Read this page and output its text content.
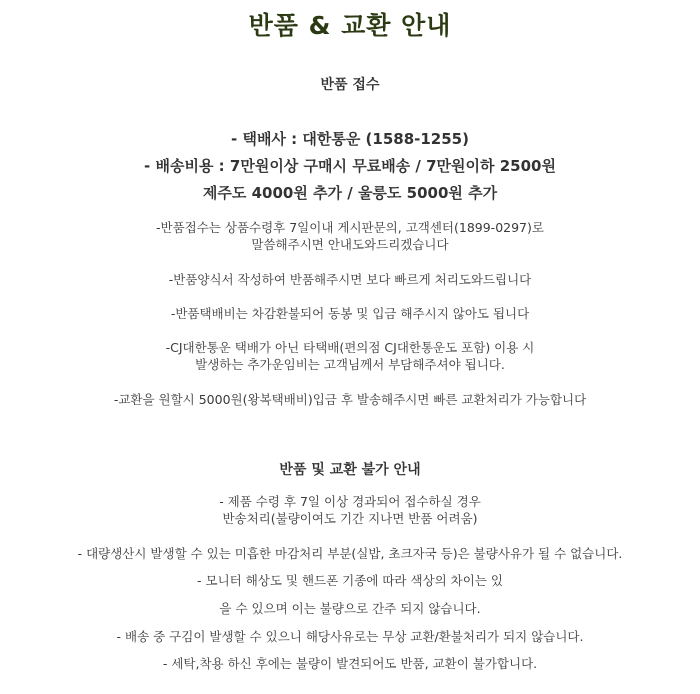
반품 & 교환 안내
반품 접수
- 택배사 : 대한통운 (1588-1255)
- 배송비용 : 7만원이상 구매시 무료배송 / 7만원이하 2500원
제주도 4000원 추가 / 울릉도 5000원 추가
-반품접수는 상품수령후 7일이내 게시판문의, 고객센터(1899-0297)로
말씀해주시면 안내도와드리겠습니다
-반품양식서 작성하여 반품해주시면 보다 빠르게 처리도와드립니다
-반품택배비는 차감환불되어 동봉 및 입금 해주시지 않아도 됩니다
-CJ대한통운 택배가 아닌 타택배(편의점 CJ대한통운도 포함) 이용 시
발생하는 추가운임비는 고객님께서 부담해주셔야 됩니다.
-교환을 원할시 5000원(왕복택배비)입금 후 발송해주시면 빠른 교환처리가 가능합니다
반품 및 교환 불가 안내
- 제품 수령 후 7일 이상 경과되어 접수하실 경우
반송처리(불량이여도 기간 지나면 반품 어려움)
- 대량생산시 발생할 수 있는 미흡한 마감처리 부분(실밥, 초크자국 등)은 불량사유가 될 수 없습니다.
- 모니터 해상도 및 핸드폰 기종에 따라 색상의 차이는 있
을 수 있으며 이는 불량으로 간주 되지 않습니다.
- 배송 중 구김이 발생할 수 있으니 해당사유로는 무상 교환/환불처리가 되지 않습니다.
- 세탁,착용 하신 후에는 불량이 발견되어도 반품, 교환이 불가합니다.
